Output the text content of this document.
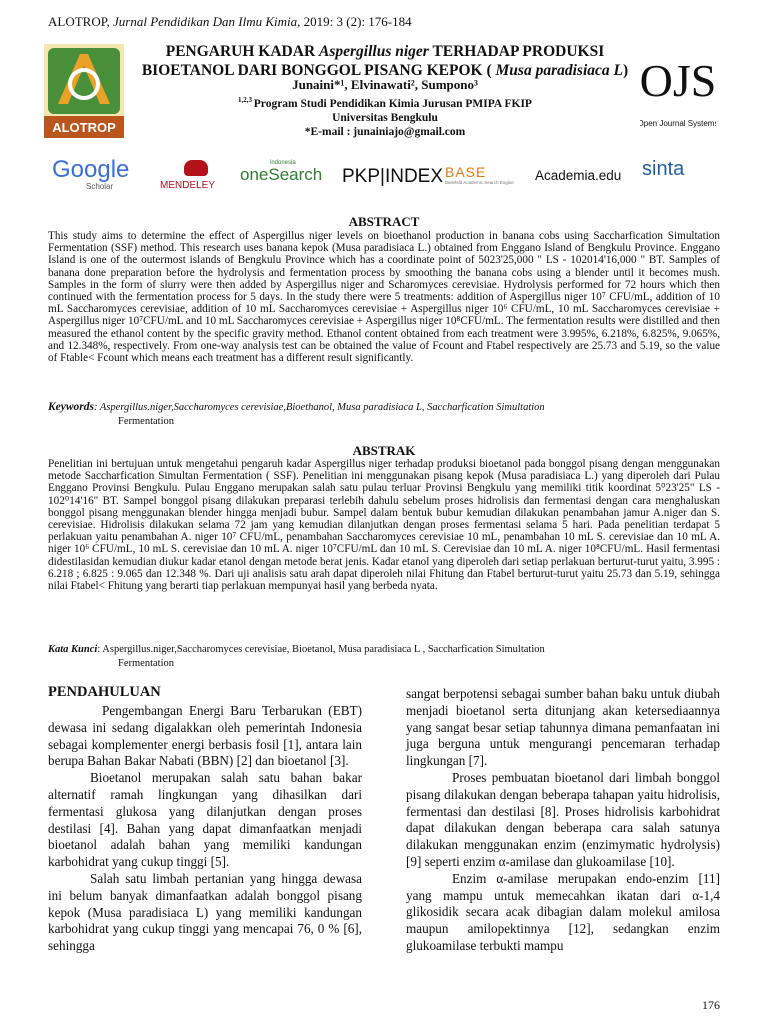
ALOTROP, Jurnal Pendidikan Dan Ilmu Kimia, 2019: 3 (2): 176-184
ALOTROP
OJS
Open Journal Systems
PENGARUH KADAR Aspergillus niger TERHADAP PRODUKSI
BIOETANOL DARI BONGGOL PISANG KEPOK ( Musa paradisiaca L)
Junaini*¹, Elvinawati², Sumpono³
$^{1,2,3}$ Program Studi Pendidikan Kimia Jurusan PMIPA FKIP
Universitas Bengkulu
*E-mail : junainiajo@gmail.com
Google
Scholar	MENDELEY
indonesia
oneSearch	PKP|INDEX BASE
Bielefeld Academic Search Engine	Academia.edu	sinta
ABSTRACT
This study aims to determine the effect of Aspergillus niger levels on bioethanol production in banana cobs using Saccharfication Simultation Fermentation (SSF) method. This research uses banana kepok (Musa paradisiaca L.) obtained from Enggano Island of Bengkulu Province. Enggano Island is one of the outermost islands of Bengkulu Province which has a coordinate point of 5023'25,000 " LS - 102014'16,000 " BT. Samples of banana done preparation before the hydrolysis and fermentation process by smoothing the banana cobs using a blender until it becomes mush. Samples in the form of slurry were then added by Aspergillus niger and Scharomyces cerevisiae. Hydrolysis performed for 72 hours which then continued with the fermentation process for 5 days. In the study there were 5 treatments: addition of Aspergillus niger 10⁷ CFU/mL, addition of 10 mL Saccharomyces cerevisiae, addition of 10 mL Saccharomyces cerevisiae + Aspergillus niger 10⁶ CFU/mL, 10 mL Saccharomyces cerevisiae + Aspergillus niger 10⁷CFU/mL and 10 mL Saccharomyces cerevisiae + Aspergillus niger 10⁸CFU/mL. The fermentation results were distilled and then measured the ethanol content by the specific gravity method. Ethanol content obtained from each treatment were 3.995%, 6.218%, 6.825%, 9.065%, and 12.348%, respectively. From one-way analysis test can be obtained the value of Fcount and Ftabel respectively are 25.73 and 5.19, so the value of Ftable< Fcount which means each treatment has a different result significantly.
Keywords: Aspergillus.niger,Saccharomyces cerevisiae,Bioethanol, Musa paradisiaca L, Saccharfication Simultation
Fermentation
ABSTRAK
Penelitian ini bertujuan untuk mengetahui pengaruh kadar Aspergillus niger terhadap produksi bioetanol pada bonggol pisang dengan menggunakan metode Saccharfication Simultan Fermentation ( SSF). Penelitian ini menggunakan pisang kepok (Musa paradisiaca L.) yang diperoleh dari Pulau Enggano Provinsi Bengkulu. Pulau Enggano merupakan salah satu pulau terluar Provinsi Bengkulu yang memiliki titik koordinat 5⁰23'25" LS - 102⁰14'16" BT. Sampel bonggol pisang dilakukan preparasi terlebih dahulu sebelum proses hidrolisis dan fermentasi dengan cara menghaluskan bonggol pisang menggunakan blender hingga menjadi bubur. Sampel dalam bentuk bubur kemudian dilakukan penambahan jamur A.niger dan S. cerevisiae. Hidrolisis dilakukan selama 72 jam yang kemudian dilanjutkan dengan proses fermentasi selama 5 hari. Pada penelitian terdapat 5 perlakuan yaitu penambahan A. niger 10⁷ CFU/mL, penambahan Saccharomyces cerevisiae 10 mL, penambahan 10 mL S. cerevisiae dan 10 mL A. niger 10⁶ CFU/mL, 10 mL S. cerevisiae dan 10 mL A. niger 10⁷CFU/mL dan 10 mL S. Cerevisiae dan 10 mL A. niger 10⁸CFU/mL. Hasil fermentasi didestilasidan kemudian diukur kadar etanol dengan metode berat jenis. Kadar etanol yang diperoleh dari setiap perlakuan berturut-turut yaitu, 3.995 : 6.218 ; 6.825 : 9.065 dan 12.348 %. Dari uji analisis satu arah dapat diperoleh nilai Fhitung dan Ftabel berturut-turut yaitu 25.73 dan 5.19, sehingga nilai Ftabel< Fhitung yang berarti tiap perlakuan mempunyai hasil yang berbeda nyata.
Kata Kunci: Aspergillus.niger,Saccharomyces cerevisiae, Bioetanol, Musa paradisiaca L , Saccharfication Simultation
Fermentation
PENDAHULUAN

Pengembangan Energi Baru Terbarukan (EBT) dewasa ini sedang digalakkan oleh pemerintah Indonesia sebagai komplementer energi berbasis fosil [1], antara lain berupa Bahan Bakar Nabati (BBN) [2] dan bioetanol [3].

Bioetanol merupakan salah satu bahan bakar alternatif ramah lingkungan yang dihasilkan dari fermentasi glukosa yang dilanjutkan dengan proses destilasi [4]. Bahan yang dapat dimanfaatkan menjadi bioetanol adalah bahan yang memiliki kandungan karbohidrat yang cukup tinggi [5].

Salah satu limbah pertanian yang hingga dewasa ini belum banyak dimanfaatkan adalah bonggol pisang kepok (Musa paradisiaca L) yang memiliki kandungan karbohidrat yang cukup tinggi yang mencapai 76, 0 % [6], sehingga

sangat berpotensi sebagai sumber bahan baku untuk diubah menjadi bioetanol serta ditunjang akan ketersediaannya yang sangat besar setiap tahunnya dimana pemanfaatan ini juga berguna untuk mengurangi pencemaran terhadap lingkungan [7].

Proses pembuatan bioetanol dari limbah bonggol pisang dilakukan dengan beberapa tahapan yaitu hidrolisis, fermentasi dan destilasi [8]. Proses hidrolisis karbohidrat dapat dilakukan dengan beberapa cara salah satunya dilakukan menggunakan enzim (enzimymatic hydrolysis) [9] seperti enzim α-amilase dan glukoamilase [10].

Enzim α-amilase merupakan endo-enzim [11] yang mampu untuk memecahkan ikatan dari α-1,4 glikosidik secara acak dibagian dalam molekul amilosa maupun amilopektinnya [12], sedangkan enzim glukoamilase terbukti mampu

176
